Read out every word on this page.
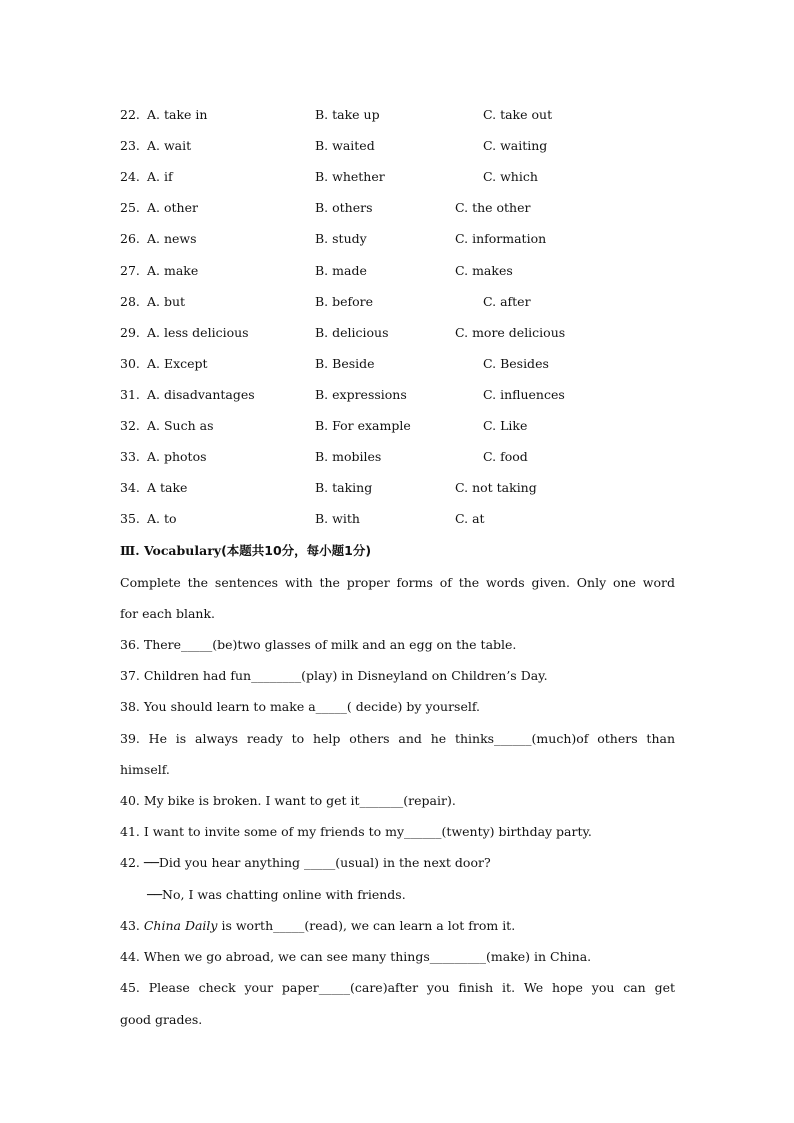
22. A. take in	B. take up	C. take out
23. A. wait	B. waited	C. waiting
24. A. if	B. whether	C. which
25. A. other	B. others	C. the other
26. A. news	B. study	C. information
27. A. make	B. made	C. makes
28. A. but	B. before	C. after
29. A. less delicious	B. delicious	C. more delicious
30. A. Except	B. Beside	C. Besides
31. A. disadvantages	B. expressions	C. influences
32. A. Such as	B. For example	C. Like
33. A. photos	B. mobiles	C. food
34. A take	B. taking	C. not taking
35. A. to	B. with	C. at
Ⅲ. Vocabulary(本题共10分，每小题1分)
Complete the sentences with the proper forms of the words given. Only one word
for each blank.
36. There_____(be)two glasses of milk and an egg on the table.
37. Children had fun________(play) in Disneyland on Children’s Day.
38. You should learn to make a_____( decide) by yourself.
39. He is always ready to help others and he thinks______(much)of others than
himself.
40. My bike is broken. I want to get it_______(repair).
41. I want to invite some of my friends to my______(twenty) birthday party.
42. ──Did you hear anything _____(usual) in the next door?
──No, I was chatting online with friends.
43. China Daily is worth_____(read), we can learn a lot from it.
44. When we go abroad, we can see many things_________(make) in China.
45. Please check your paper_____(care)after you finish it. We hope you can get
good grades.
